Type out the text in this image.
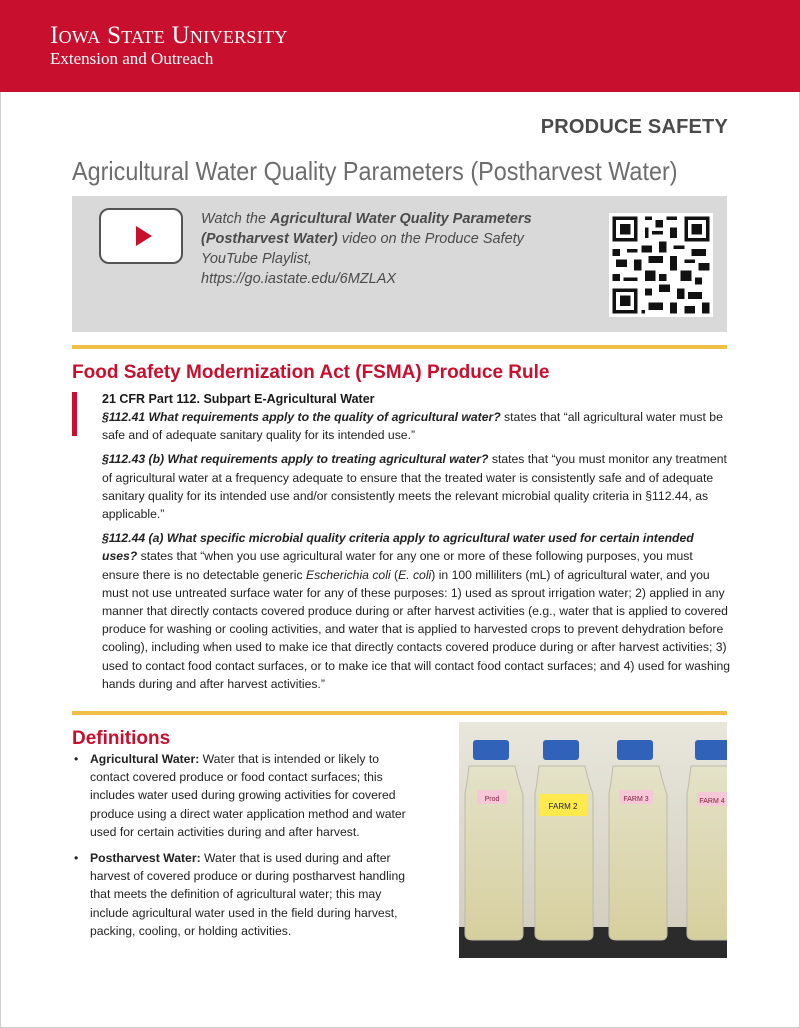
Iowa State University
Extension and Outreach
PRODUCE SAFETY
Agricultural Water Quality Parameters (Postharvest Water)
Watch the Agricultural Water Quality Parameters (Postharvest Water) video on the Produce Safety YouTube Playlist,
https://go.iastate.edu/6MZLAX
Food Safety Modernization Act (FSMA) Produce Rule
21 CFR Part 112. Subpart E-Agricultural Water

§112.41 What requirements apply to the quality of agricultural water? states that “all agricultural water must be safe and of adequate sanitary quality for its intended use.”

§112.43 (b) What requirements apply to treating agricultural water? states that “you must monitor any treatment of agricultural water at a frequency adequate to ensure that the treated water is consistently safe and of adequate sanitary quality for its intended use and/or consistently meets the relevant microbial quality criteria in §112.44, as applicable.”

§112.44 (a) What specific microbial quality criteria apply to agricultural water used for certain intended uses? states that “when you use agricultural water for any one or more of these following purposes, you must ensure there is no detectable generic Escherichia coli (E. coli) in 100 milliliters (mL) of agricultural water, and you must not use untreated surface water for any of these purposes: 1) used as sprout irrigation water; 2) applied in any manner that directly contacts covered produce during or after harvest activities (e.g., water that is applied to covered produce for washing or cooling activities, and water that is applied to harvested crops to prevent dehydration before cooling), including when used to make ice that directly contacts covered produce during or after harvest activities; 3) used to contact food contact surfaces, or to make ice that will contact food contact surfaces; and 4) used for washing hands during and after harvest activities.”

Definitions
• Agricultural Water: Water that is intended or likely to contact covered produce or food contact surfaces; this includes water used during growing activities for covered produce using a direct water application method and water used for certain activities during and after harvest.
• Postharvest Water: Water that is used during and after harvest of covered produce or during postharvest handling that meets the definition of agricultural water; this may include agricultural water used in the field during harvest, packing, cooling, or holding activities.
Prod
FARM 2
FARM 3	FARM 4
